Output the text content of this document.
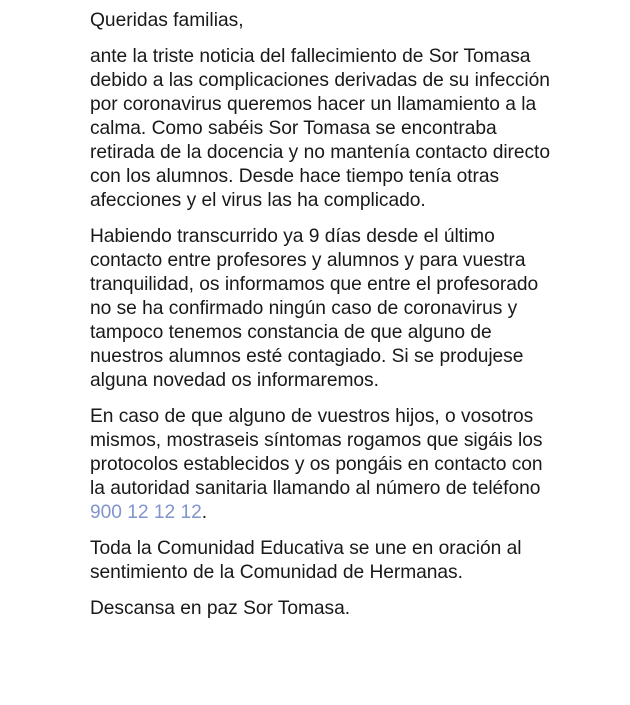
Queridas familias,

ante la triste noticia del fallecimiento de Sor Tomasa debido a las complicaciones derivadas de su infección por coronavirus queremos hacer un llamamiento a la calma. Como sabéis Sor Tomasa se encontraba retirada de la docencia y no mantenía contacto directo con los alumnos. Desde hace tiempo tenía otras afecciones y el virus las ha complicado.

Habiendo transcurrido ya 9 días desde el último contacto entre profesores y alumnos y para vuestra tranquilidad, os informamos que entre el profesorado no se ha confirmado ningún caso de coronavirus y tampoco tenemos constancia de que alguno de nuestros alumnos esté contagiado. Si se produjese alguna novedad os informaremos.

En caso de que alguno de vuestros hijos, o vosotros mismos, mostraseis síntomas rogamos que sigáis los protocolos establecidos y os pongáis en contacto con la autoridad sanitaria llamando al número de teléfono 900 12 12 12.

Toda la Comunidad Educativa se une en oración al sentimiento de la Comunidad de Hermanas.

Descansa en paz Sor Tomasa.
